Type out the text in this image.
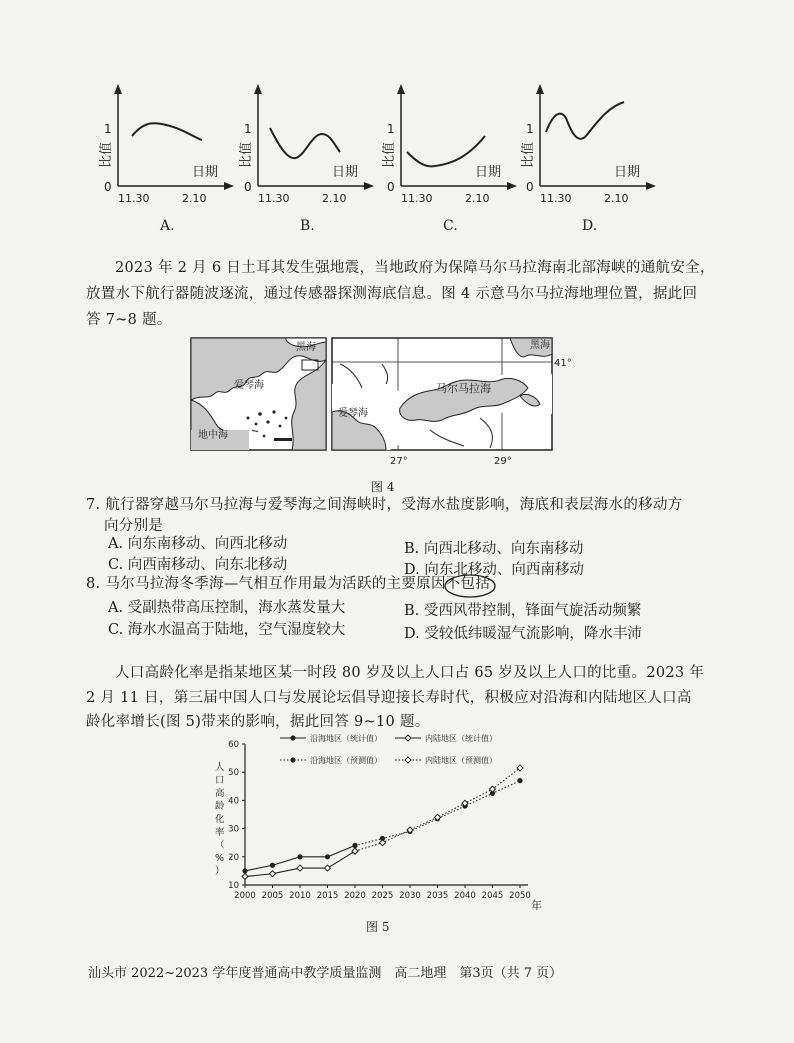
1
0
比值
日期
11.30	2.10
A.
1
0
比值
日期
11.30	2.10
B.
1
0
比值
日期
11.30	2.10
C.
1
0
比值
日期
11.30	2.10
D.
2023 年 2 月 6 日土耳其发生强地震，当地政府为保障马尔马拉海南北部海峡的通航安全，
放置水下航行器随波逐流，通过传感器探测海底信息。图 4 示意马尔马拉海地理位置，据此回
答 7~8 题。
黑海
爱琴海
地中海
黑海
马尔马拉海
爱琴海
41°
27°	29°
图 4
7. 航行器穿越马尔马拉海与爱琴海之间海峡时，受海水盐度影响，海底和表层海水的移动方
向分别是
A. 向东南移动、向西北移动	B. 向西北移动、向东南移动
C. 向西南移动、向东北移动	D. 向东北移动、向西南移动
8. 马尔马拉海冬季海—气相互作用最为活跃的主要原因不包括
A. 受副热带高压控制，海水蒸发量大	B. 受西风带控制，锋面气旋活动频繁
C. 海水水温高于陆地，空气湿度较大	D. 受较低纬暖湿气流影响，降水丰沛
人口高龄化率是指某地区某一时段 80 岁及以上人口占 65 岁及以上人口的比重。2023 年
2 月 11 日，第三届中国人口与发展论坛倡导迎接长寿时代，积极应对沿海和内陆地区人口高
龄化率增长(图 5)带来的影响，据此回答 9~10 题。
10
20
30
40
50
60
2000 2005 2010 2015 2020 2025 2030 2035 2040 2045 2050
沿海地区（统计值）	内陆地区（统计值）
沿海地区（预测值）	内陆地区（预测值）
人口高龄化率（%）
年
图 5
汕头市 2022~2023 学年度普通高中教学质量监测　高二地理　第3页（共 7 页）
